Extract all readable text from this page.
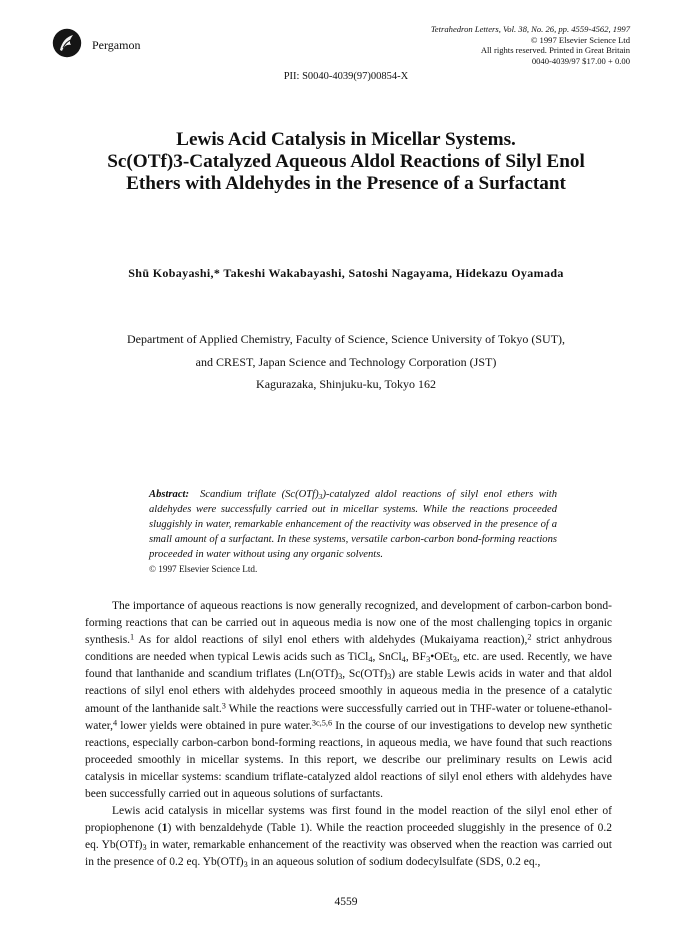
Pergamon
Tetrahedron Letters, Vol. 38, No. 26, pp. 4559-4562, 1997
© 1997 Elsevier Science Ltd
All rights reserved. Printed in Great Britain
0040-4039/97 $17.00 + 0.00
PII: S0040-4039(97)00854-X
Lewis Acid Catalysis in Micellar Systems.
Sc(OTf)3-Catalyzed Aqueous Aldol Reactions of Silyl Enol
Ethers with Aldehydes in the Presence of a Surfactant
Shū Kobayashi,* Takeshi Wakabayashi, Satoshi Nagayama, Hidekazu Oyamada
Department of Applied Chemistry, Faculty of Science, Science University of Tokyo (SUT),
and CREST, Japan Science and Technology Corporation (JST)
Kagurazaka, Shinjuku-ku, Tokyo 162
Abstract: Scandium triflate $(Sc(OTf)_3)$-catalyzed aldol reactions of silyl enol ethers with aldehydes were successfully carried out in micellar systems. While the reactions proceeded sluggishly in water, remarkable enhancement of the reactivity was observed in the presence of a small amount of a surfactant. In these systems, versatile carbon-carbon bond-forming reactions proceeded in water without using any organic solvents.
© 1997 Elsevier Science Ltd.

The importance of aqueous reactions is now generally recognized, and development of carbon-carbon bond-forming reactions that can be carried out in aqueous media is now one of the most challenging topics in organic synthesis.$^1$ As for aldol reactions of silyl enol ethers with aldehydes (Mukaiyama reaction),$^2$ strict anhydrous conditions are needed when typical Lewis acids such as TiCl$_4$, SnCl$_4$, $BF_3•OEt_3$, etc. are used. Recently, we have found that lanthanide and scandium triflates ($Ln(OTf)_3$, $Sc(OTf)_3$) are stable Lewis acids in water and that aldol reactions of silyl enol ethers with aldehydes proceed smoothly in aqueous media in the presence of a catalytic amount of the lanthanide salt.$^3$ While the reactions were successfully carried out in THF-water or toluene-ethanol-water,$^4$ lower yields were obtained in pure water.$^{3c,5,6}$ In the course of our investigations to develop new synthetic reactions, especially carbon-carbon bond-forming reactions, in aqueous media, we have found that such reactions proceeded smoothly in micellar systems. In this report, we describe our preliminary results on Lewis acid catalysis in micellar systems: scandium triflate-catalyzed aldol reactions of silyl enol ethers with aldehydes have been successfully carried out in aqueous solutions of surfactants.

Lewis acid catalysis in micellar systems was first found in the model reaction of the silyl enol ether of propiophenone (1) with benzaldehyde (Table 1). While the reaction proceeded sluggishly in the presence of 0.2 eq. $Yb(OTf)_3$ in water, remarkable enhancement of the reactivity was observed when the reaction was carried out in the presence of 0.2 eq. $Yb(OTf)_3$ in an aqueous solution of sodium dodecylsulfate (SDS, 0.2 eq.,

4559
